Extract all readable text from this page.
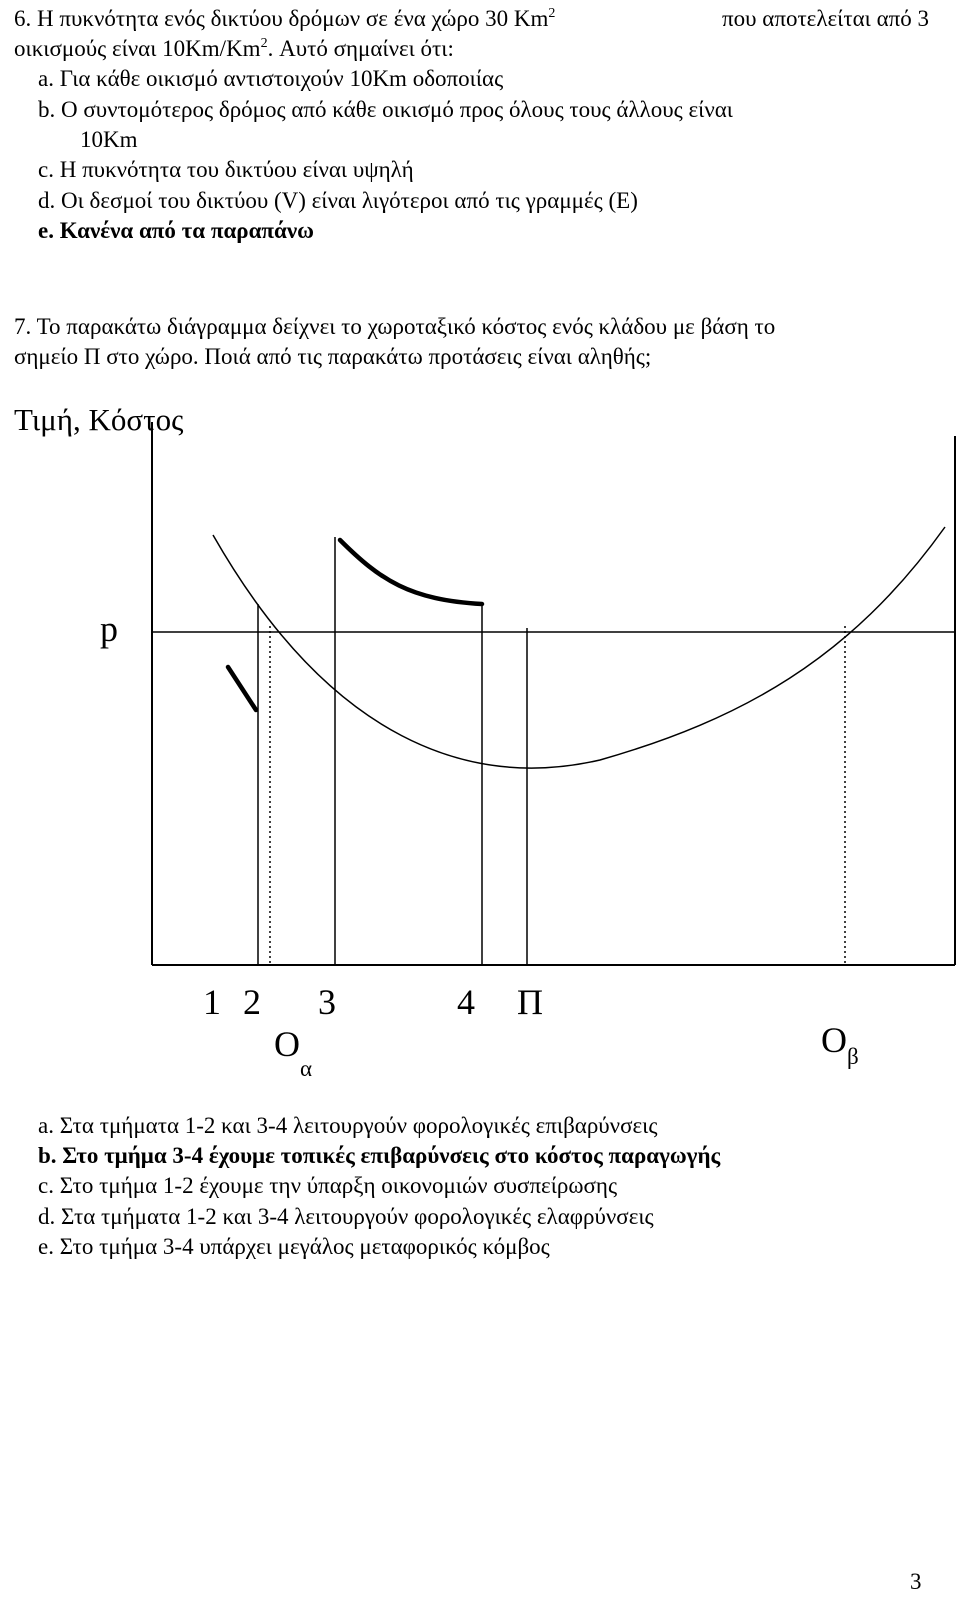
6. Η πυκνότητα ενός δικτύου δρόμων σε ένα χώρο 30 Km$^2$	που αποτελείται από 3
οικισμούς είναι 10Km/Km$^2$. Αυτό σημαίνει ότι:
a. Για κάθε οικισμό αντιστοιχούν 10Km οδοποιίας
b. Ο συντομότερος δρόμος από κάθε οικισμό προς όλους τους άλλους είναι
10Km
c. Η πυκνότητα του δικτύου είναι υψηλή
d. Οι δεσμοί του δικτύου (V) είναι λιγότεροι από τις γραμμές (E)
e. Κανένα από τα παραπάνω
7. Το παρακάτω διάγραμμα δείχνει το χωροταξικό κόστος ενός κλάδου με βάση το
σημείο Π στο χώρο. Ποιά από τις παρακάτω προτάσεις είναι αληθής;
Τιμή, Κόστος
p
1 2 3	4 Π
$O_\alpha$
$O_\beta$
a. Στα τμήματα 1-2 και 3-4 λειτουργούν φορολογικές επιβαρύνσεις
b. Στο τμήμα 3-4 έχουμε τοπικές επιβαρύνσεις στο κόστος παραγωγής
c. Στο τμήμα 1-2 έχουμε την ύπαρξη οικονομιών συσπείρωσης
d. Στα τμήματα 1-2 και 3-4 λειτουργούν φορολογικές ελαφρύνσεις
e. Στο τμήμα 3-4 υπάρχει μεγάλος μεταφορικός κόμβος
3
